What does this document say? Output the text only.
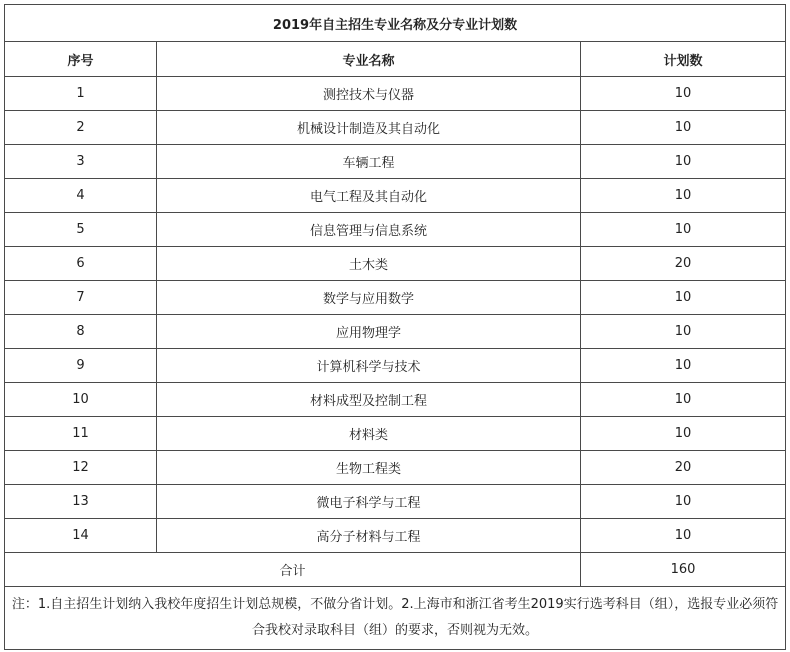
2019年自主招生专业名称及分专业计划数		
序号	专业名称	计划数
1	测控技术与仪器	10
2	机械设计制造及其自动化	10
3	车辆工程	10
4	电气工程及其自动化	10
5	信息管理与信息系统	10
6	土木类	20
7	数学与应用数学	10
8	应用物理学	10
9	计算机科学与技术	10
10	材料成型及控制工程	10
11	材料类	10
12	生物工程类	20
13	微电子科学与工程	10
14	高分子材料与工程	10
合计		160
注：1.自主招生计划纳入我校年度招生计划总规模，不做分省计划。2.上海市和浙江省考生2019实行选考科目（组），选报专业必须符合我校对录取科目（组）的要求，否则视为无效。		
